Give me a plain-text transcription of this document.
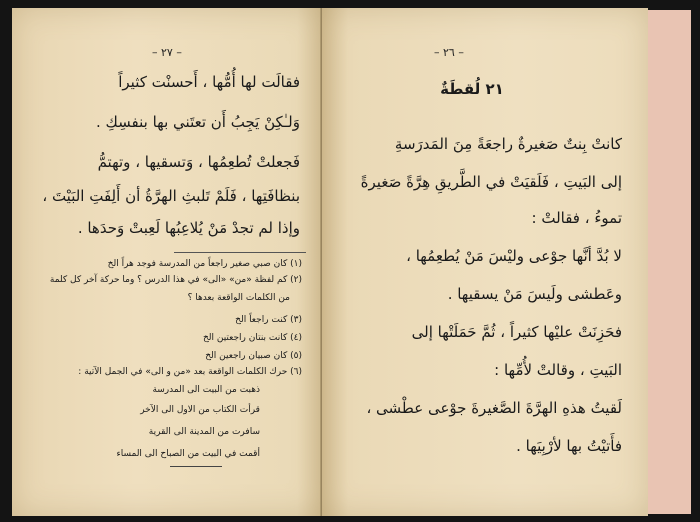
– ٢٧ –
فقالَت لها أُمُّها ، أَحسنْت كثيراً
وَلـٰكِنْ يَجِبُ أَن تعتَني بها بنفسِكِ .
فَجعلتْ تُطعِمُها ، وَتسقيها ، وتهتمُّ
بنظافَتِها ، فَلَمْ تَلبثِ الهرَّةُ أن أَلِفَتِ البَيْتَ ،
وإذا لم تجدْ مَنْ يُلاعِبُها لَعِبتْ وَحدَها .
(١) كان صبي صغير راجعاً من المدرسة فوجد هراً الخ
(٢) كم لفظة «من» «الى» في هذا الدرس ؟ وما حركة آخر كل كلمة
من الكلمات الواقعة بعدها ؟
(٣) كنت راجعاً الخ
(٤) كانت بنتان راجعتين الخ
(٥) كان صبيان راجعين الخ
(٦) حرك الكلمات الواقعة بعد «من و الى» في الجمل الآتية :
ذهبت من البيت الى المدرسة
قرأت الكتاب من الاول الى الآخر
سافرت من المدينة الى القرية
أقمت في البيت من الصباح الى المساء
– ٢٦ –
٢١ لُقطَةٌ
كانتْ بِنتٌ صَغيرةٌ راجعَةً مِنَ المَدرَسةِ
إلى البَيتِ ، فَلَقيَتْ في الطَّريقِ هِرَّةً صَغيرةً
تموءُ ، فقالتْ :
لا بُدَّ أنَّها جوْعى وليْسَ مَنْ يُطعِمُها ،
وعَطشى ولَيسَ مَنْ يسقيها .
فحَزِنَتْ عليْها كثيراً ، ثُمَّ حَمَلَتْها إلى
البَيتِ ، وقالتْ لأُمِّها :
لَقيتُ هذهِ الهرَّةَ الصَّغيرةَ جوْعى عطْشى ،
فأَتيْتُ بها لأرْبِيَها .
